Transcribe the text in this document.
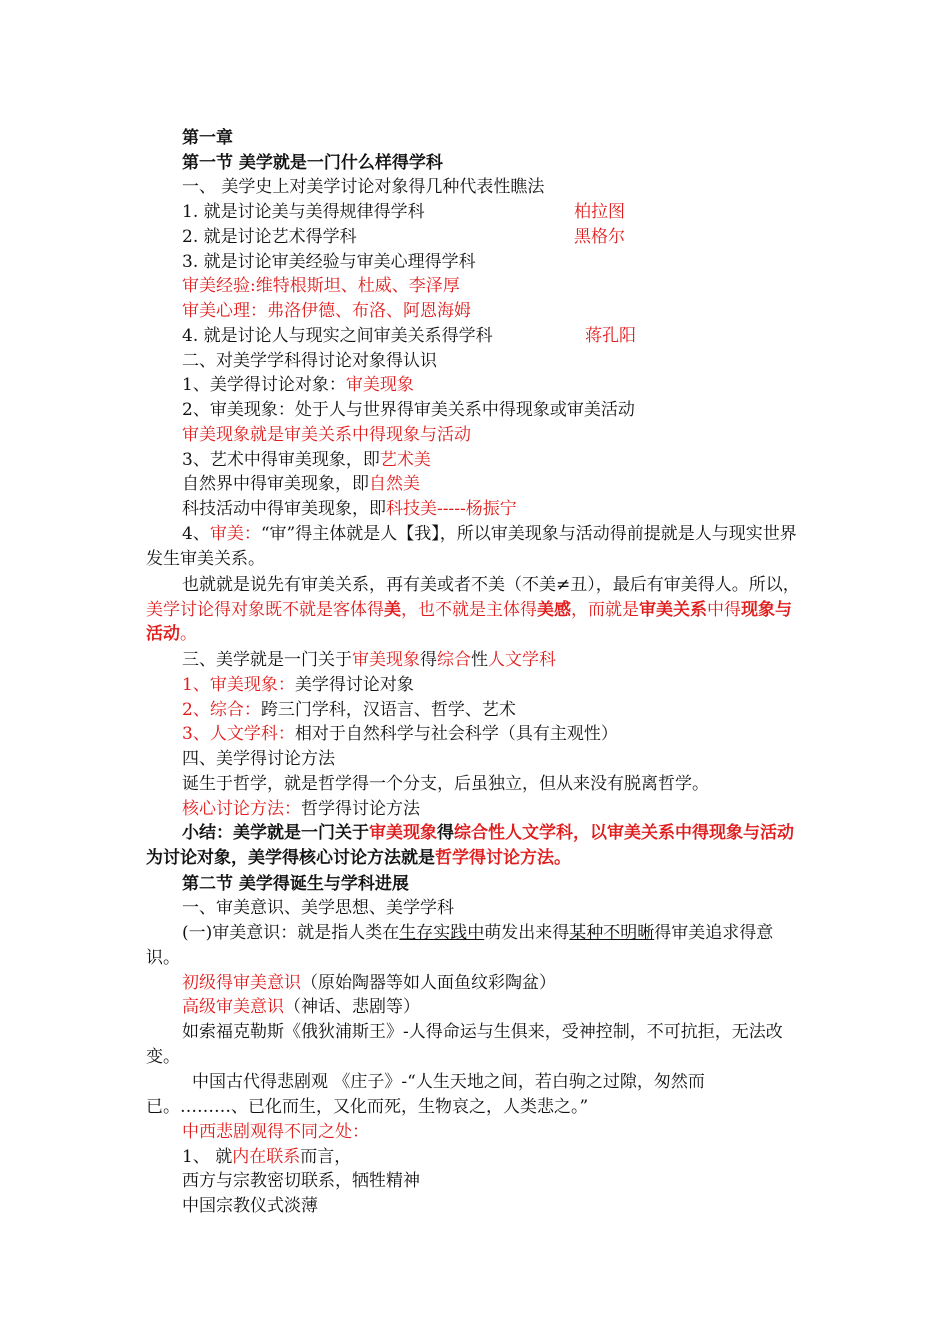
第一章
第一节 美学就是一门什么样得学科
一、 美学史上对美学讨论对象得几种代表性瞧法
1. 就是讨论美与美得规律得学科	柏拉图
2. 就是讨论艺术得学科	黑格尔
3. 就是讨论审美经验与审美心理得学科
审美经验:维特根斯坦、杜威、李泽厚
审美心理：弗洛伊德、布洛、阿恩海姆
4. 就是讨论人与现实之间审美关系得学科	蒋孔阳
二、对美学学科得讨论对象得认识
1、美学得讨论对象：审美现象
2、审美现象：处于人与世界得审美关系中得现象或审美活动
审美现象就是审美关系中得现象与活动
3、艺术中得审美现象，即艺术美
自然界中得审美现象，即自然美
科技活动中得审美现象，即科技美-----杨振宁
4、审美：“审”得主体就是人【我】，所以审美现象与活动得前提就是人与现实世界发生审美关系。
也就就是说先有审美关系，再有美或者不美（不美≠丑），最后有审美得人。所以，美学讨论得对象既不就是客体得美，也不就是主体得美感，而就是审美关系中得现象与活动。
三、美学就是一门关于审美现象得综合性人文学科
1、审美现象：美学得讨论对象
2、综合：跨三门学科，汉语言、哲学、艺术
3、人文学科：相对于自然科学与社会科学（具有主观性）
四、美学得讨论方法
诞生于哲学，就是哲学得一个分支，后虽独立，但从来没有脱离哲学。
核心讨论方法：哲学得讨论方法
小结：美学就是一门关于审美现象得综合性人文学科，以审美关系中得现象与活动为讨论对象，美学得核心讨论方法就是哲学得讨论方法。
第二节 美学得诞生与学科进展
一、审美意识、美学思想、美学学科
(一)审美意识：就是指人类在生存实践中萌发出来得某种不明晰得审美追求得意识。
初级得审美意识（原始陶器等如人面鱼纹彩陶盆）
高级审美意识（神话、悲剧等）
如索福克勒斯《俄狄浦斯王》-人得命运与生俱来，受神控制，不可抗拒，无法改变。
中国古代得悲剧观 《庄子》-“人生天地之间，若白驹之过隙，匆然而已。………、已化而生，又化而死，生物哀之，人类悲之。”
中西悲剧观得不同之处：
1、 就内在联系而言，
西方与宗教密切联系，牺牲精神
中国宗教仪式淡薄
